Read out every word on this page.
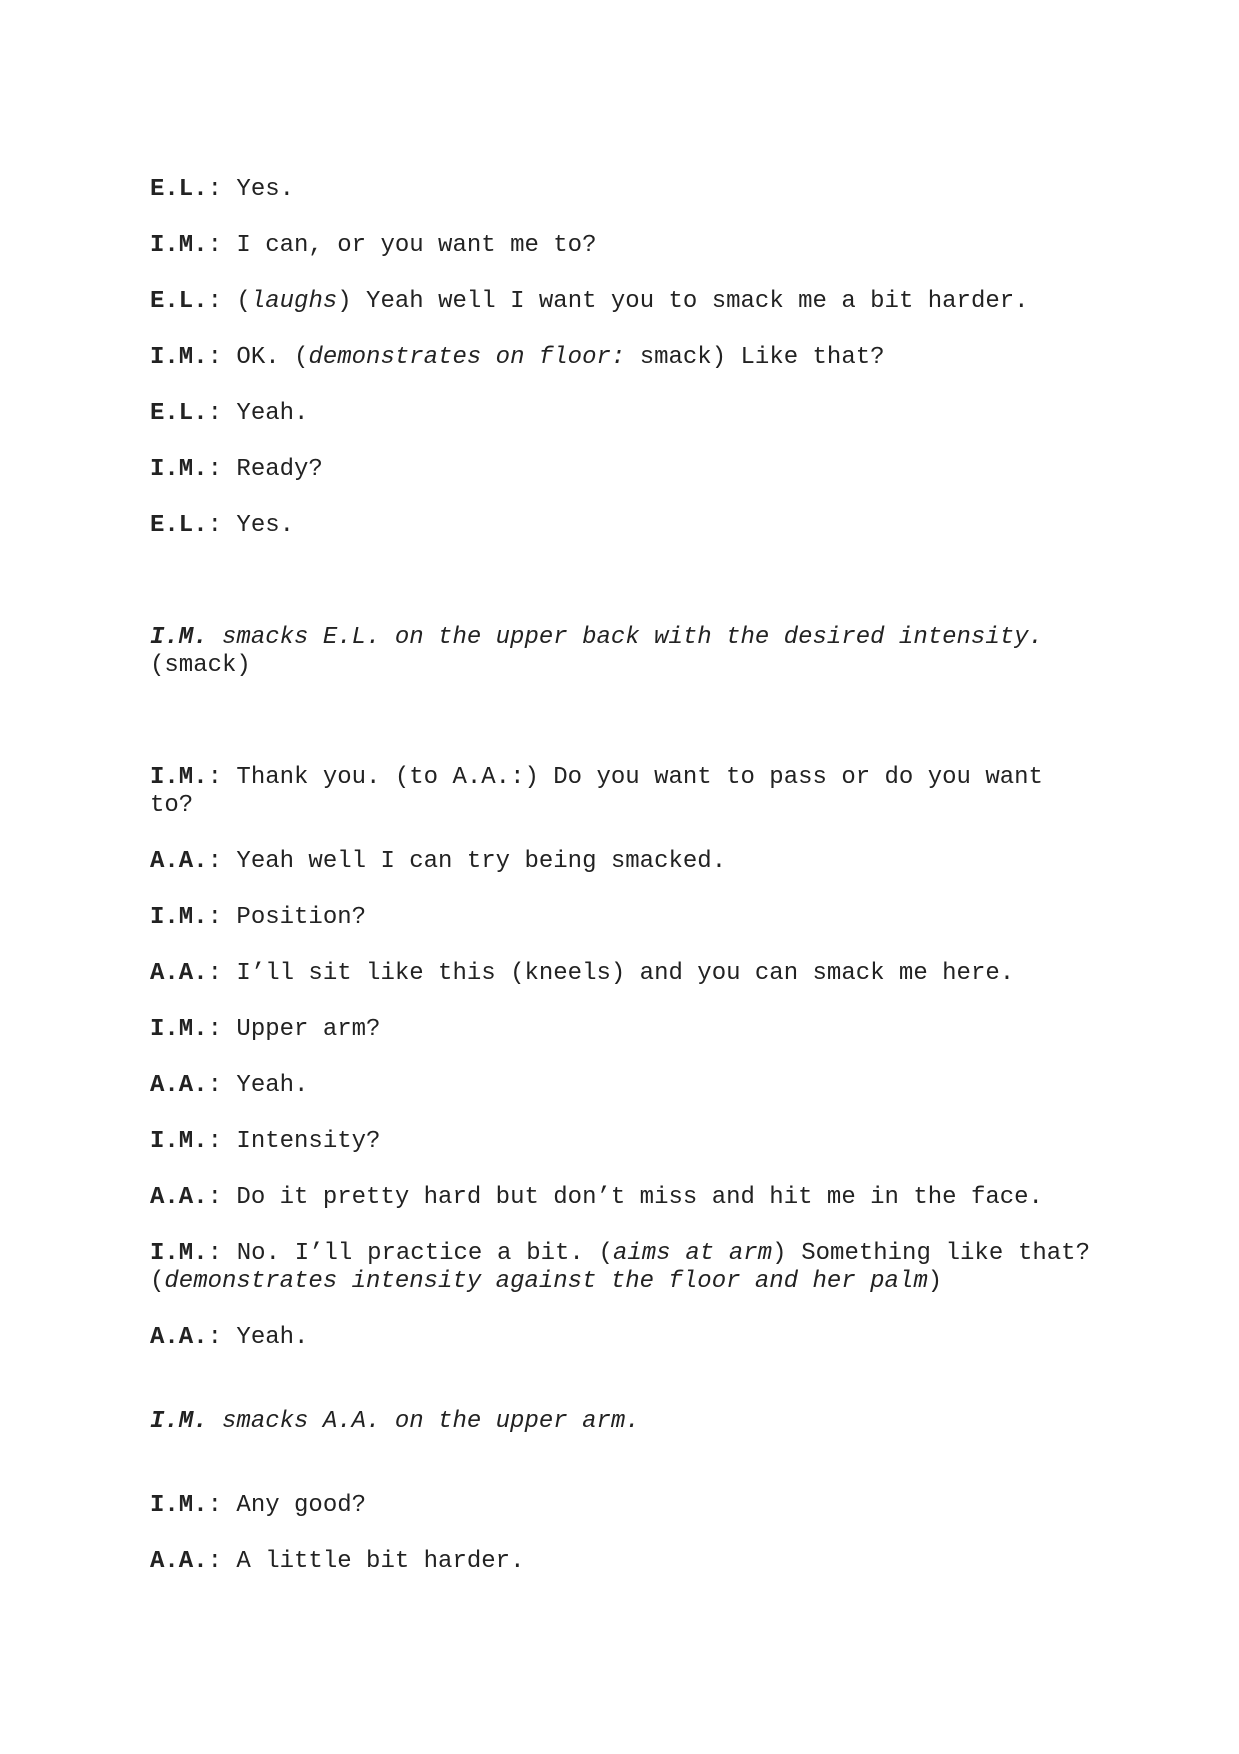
E.L.: Yes.

I.M.: I can, or you want me to?

E.L.: (laughs) Yeah well I want you to smack me a bit harder.

I.M.: OK. (demonstrates on floor: smack) Like that?

E.L.: Yeah.

I.M.: Ready?

E.L.: Yes.

I.M. smacks E.L. on the upper back with the desired intensity.
(smack)

I.M.: Thank you. (to A.A.:) Do you want to pass or do you want to?

A.A.: Yeah well I can try being smacked.

I.M.: Position?

A.A.: I’ll sit like this (kneels) and you can smack me here.

I.M.: Upper arm?

A.A.: Yeah.

I.M.: Intensity?

A.A.: Do it pretty hard but don’t miss and hit me in the face.

I.M.: No. I’ll practice a bit. (aims at arm) Something like that? (demonstrates intensity against the floor and her palm)

A.A.: Yeah.

I.M. smacks A.A. on the upper arm.

I.M.: Any good?

A.A.: A little bit harder.
